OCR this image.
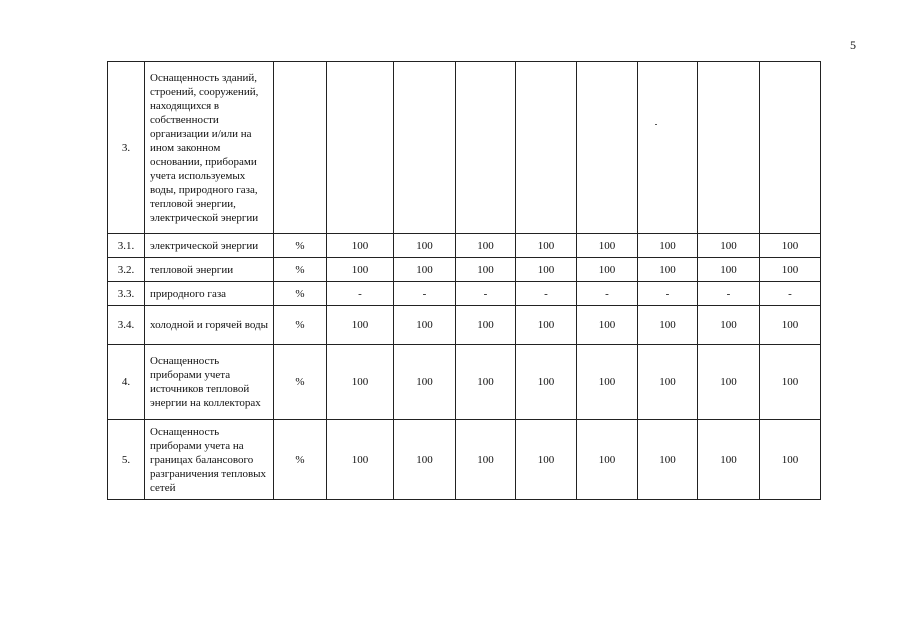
5
3.	Оснащенность зданий, строений, сооружений, находящихся в собственности организации и/или на ином законном основании, приборами учета используемых воды, природного газа, тепловой энергии, электрической энергии									
3.1.	электрической энергии	%	100	100	100	100	100	100	100	100
3.2.	тепловой энергии	%	100	100	100	100	100	100	100	100
3.3.	природного газа	%	-	-	-	-	-	-	-	-
3.4.	холодной и горячей воды	%	100	100	100	100	100	100	100	100
4.	Оснащенность приборами учета источников тепловой энергии на коллекторах	%	100	100	100	100	100	100	100	100
5.	Оснащенность приборами учета на границах балансового разграничения тепловых сетей	%	100	100	100	100	100	100	100	100
